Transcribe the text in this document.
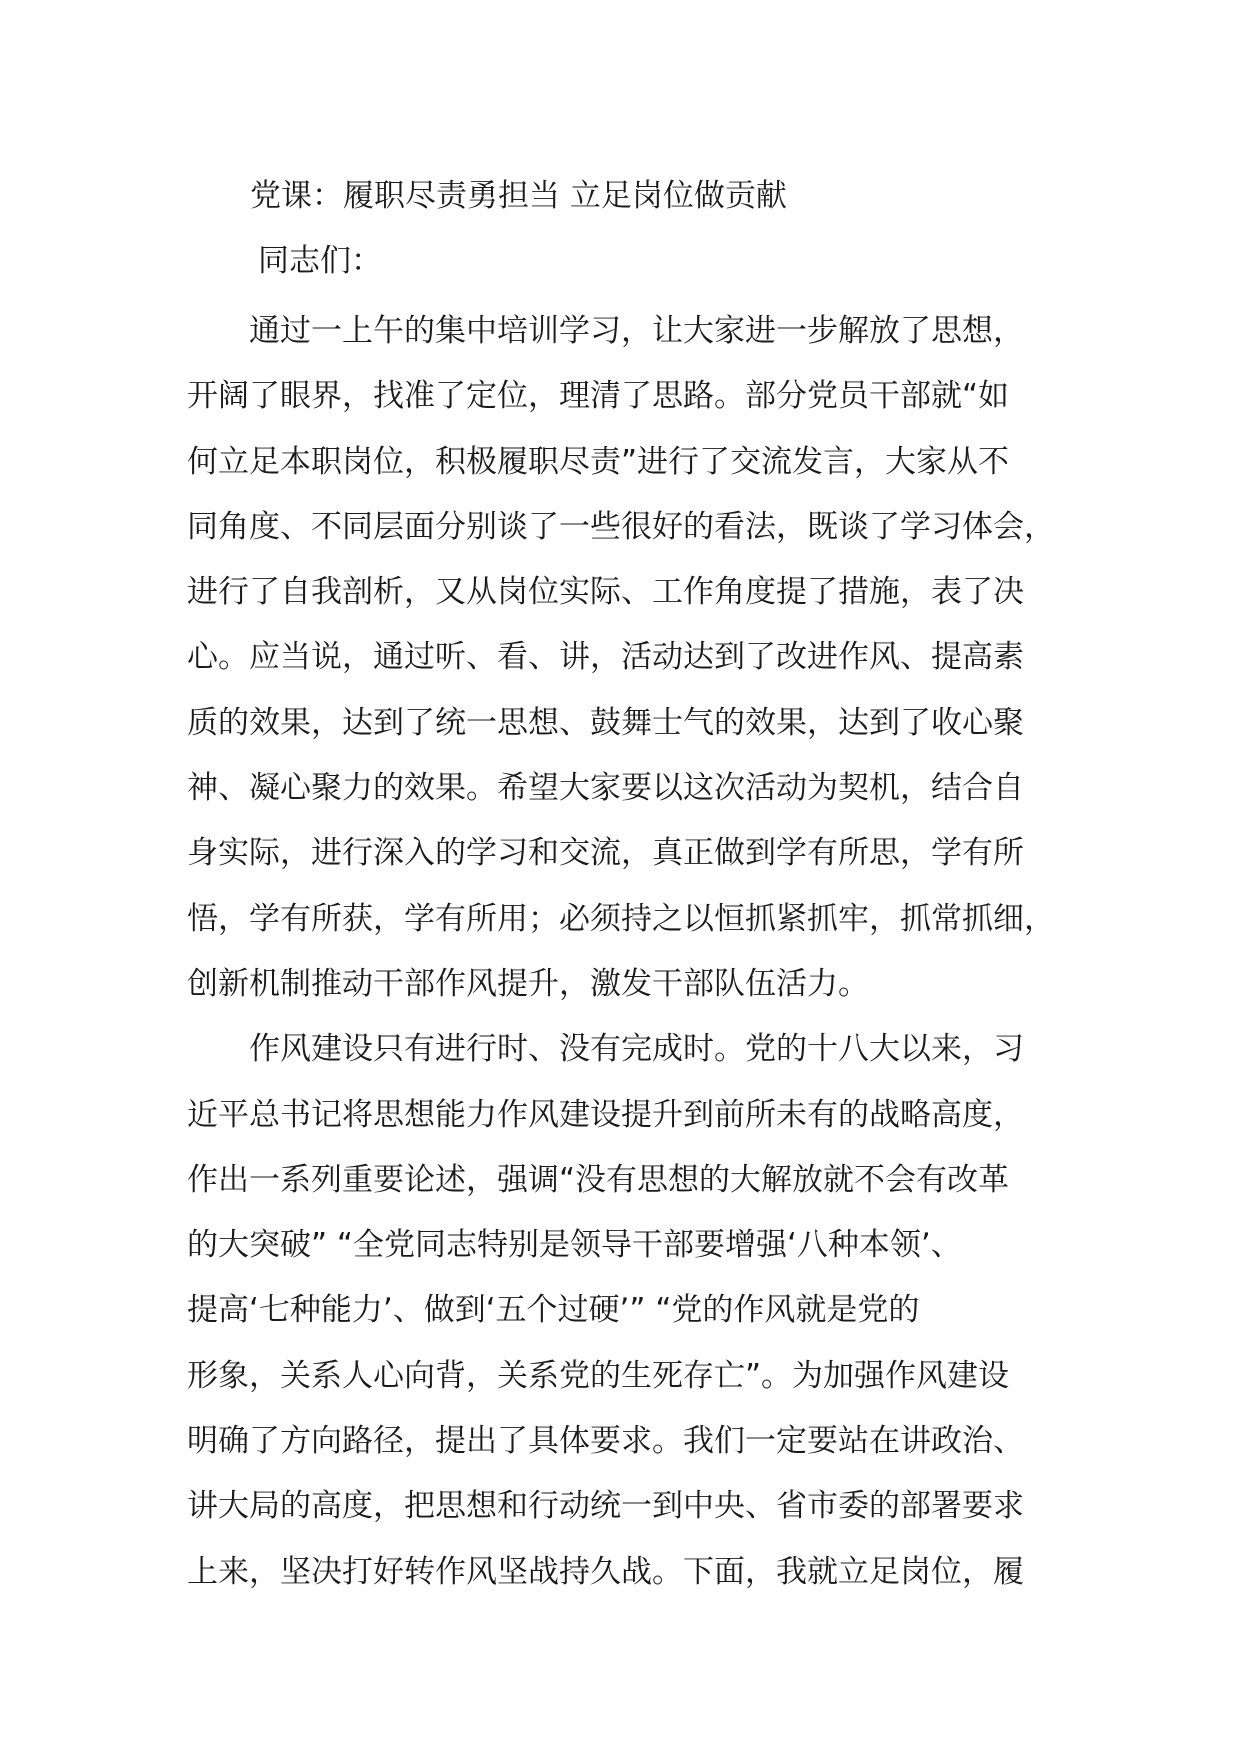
党课：履职尽责勇担当 立足岗位做贡献

同志们：

通过一上午的集中培训学习，让大家进一步解放了思想，
开阔了眼界，找准了定位，理清了思路。部分党员干部就“如
何立足本职岗位，积极履职尽责”进行了交流发言，大家从不
同角度、不同层面分别谈了一些很好的看法，既谈了学习体会，
进行了自我剖析，又从岗位实际、工作角度提了措施，表了决
心。应当说，通过听、看、讲，活动达到了改进作风、提高素
质的效果，达到了统一思想、鼓舞士气的效果，达到了收心聚
神、凝心聚力的效果。希望大家要以这次活动为契机，结合自
身实际，进行深入的学习和交流，真正做到学有所思，学有所
悟，学有所获，学有所用；必须持之以恒抓紧抓牢，抓常抓细，
创新机制推动干部作风提升，激发干部队伍活力。
作风建设只有进行时、没有完成时。党的十八大以来，习
近平总书记将思想能力作风建设提升到前所未有的战略高度，
作出一系列重要论述，强调“没有思想的大解放就不会有改革
的大突破” “全党同志特别是领导干部要增强‘八种本领’、
提高‘七种能力’、做到‘五个过硬’” “党的作风就是党的
形象，关系人心向背，关系党的生死存亡”。为加强作风建设
明确了方向路径，提出了具体要求。我们一定要站在讲政治、
讲大局的高度，把思想和行动统一到中央、省市委的部署要求
上来，坚决打好转作风坚战持久战。下面，我就立足岗位，履
